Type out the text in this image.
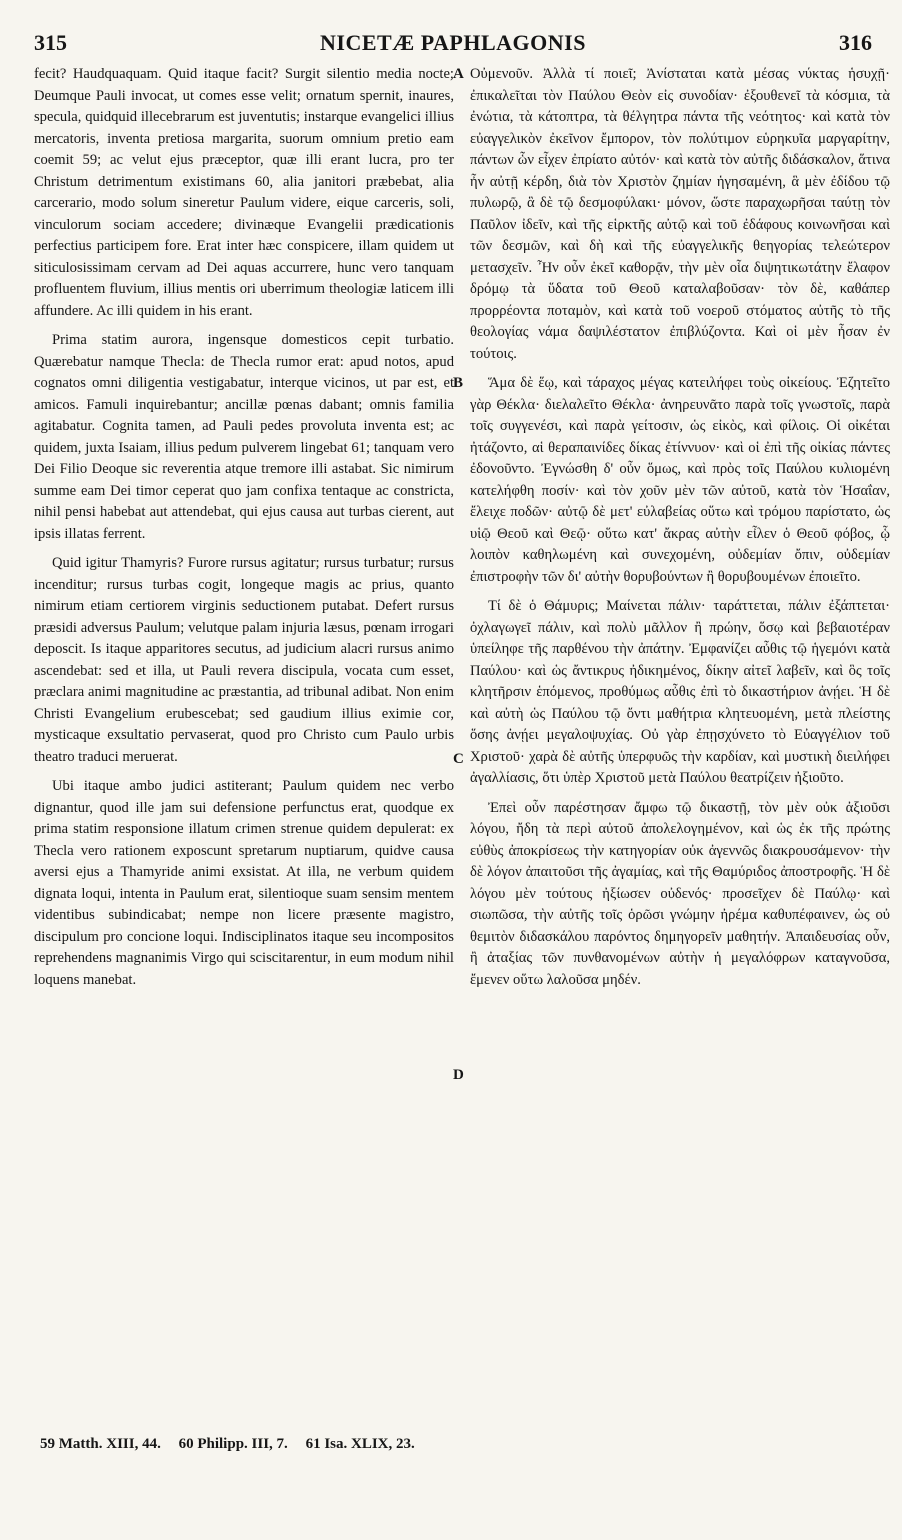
315	NICETÆ PAPHLAGONIS	316

fecit? Haudquaquam. Quid itaque facit? Surgit silentio media nocte; Deumque Pauli invocat, ut comes esse velit; ornatum spernit, inaures, specula, quidquid illecebrarum est juventutis; instarque evangelici illius mercatoris, inventa pretiosa margarita, suorum omnium pretio eam coemit 59; ac velut ejus præceptor, quæ illi erant lucra, pro ter Christum detrimentum existimans 60, alia janitori præbebat, alia carcerario, modo solum sineretur Paulum videre, eique carceris, soli, vinculorum sociam accedere; divinæque Evangelii prædicationis perfectius participem fore. Erat inter hæc conspicere, illam quidem ut siticulosissimam cervam ad Dei aquas accurrere, hunc vero tanquam profluentem fluvium, illius mentis ori uberrimum theologiæ laticem illi affundere. Ac illi quidem in his erant.

Prima statim aurora, ingensque domesticos cepit turbatio. Quærebatur namque Thecla: de Thecla rumor erat: apud notos, apud cognatos omni diligentia vestigabatur, interque vicinos, ut par est, et amicos. Famuli inquirebantur; ancillæ pœnas dabant; omnis familia agitabatur. Cognita tamen, ad Pauli pedes provoluta inventa est; ac quidem, juxta Isaiam, illius pedum pulverem lingebat 61; tanquam vero Dei Filio Deoque sic reverentia atque tremore illi astabat. Sic nimirum summe eam Dei timor ceperat quo jam confixa tentaque ac constricta, nihil pensi habebat aut attendebat, qui ejus causa aut turbas cierent, aut ipsis illatas ferrent.

Quid igitur Thamyris? Furore rursus agitatur; rursus turbatur; rursus incenditur; rursus turbas cogit, longeque magis ac prius, quanto nimirum etiam certiorem virginis seductionem putabat. Defert rursus præsidi adversus Paulum; velutque palam injuria læsus, pœnam irrogari deposcit. Is itaque apparitores secutus, ad judicium alacri rursus animo ascendebat: sed et illa, ut Pauli revera discipula, vocata cum esset, præclara animi magnitudine ac præstantia, ad tribunal adibat. Non enim Christi Evangelium erubescebat; sed gaudium illius eximie cor, mysticaque exsultatio pervaserat, quod pro Christo cum Paulo urbis theatro traduci meruerat.

Ubi itaque ambo judici astiterant; Paulum quidem nec verbo dignantur, quod ille jam sui defensione perfunctus erat, quodque ex prima statim responsione illatum crimen strenue quidem depulerat: ex Thecla vero rationem exposcunt spretarum nuptiarum, quidve causa aversi ejus a Thamyride animi exsistat. At illa, ne verbum quidem dignata loqui, intenta in Paulum erat, silentioque suam sensim mentem videntibus subindicabat; nempe non licere præsente magistro, discipulum pro concione loqui. Indisciplinatos itaque seu incompositos reprehendens magnanimis Virgo qui sciscitarentur, in eum modum nihil loquens manebat.

A
B
C
D

Οὐμενοῦν. Ἀλλὰ τί ποιεῖ; Ἀνίσταται κατὰ μέσας νύκτας ἡσυχῇ· ἐπικαλεῖται τὸν Παύλου Θεὸν εἰς συνοδίαν· ἐξουθενεῖ τὰ κόσμια, τὰ ἐνώτια, τὰ κάτοπτρα, τὰ θέλγητρα πάντα τῆς νεότητος· καὶ κατὰ τὸν εὐαγγελικὸν ἐκεῖνον ἔμπορον, τὸν πολύτιμον εὑρηκυῖα μαργαρίτην, πάντων ὧν εἶχεν ἐπρίατο αὐτόν· καὶ κατὰ τὸν αὐτῆς διδάσκαλον, ἅτινα ἦν αὐτῇ κέρδη, διὰ τὸν Χριστὸν ζημίαν ἡγησαμένη, ἃ μὲν ἐδίδου τῷ πυλωρῷ, ἃ δὲ τῷ δεσμοφύλακι· μόνον, ὥστε παραχωρῆσαι ταύτῃ τὸν Παῦλον ἰδεῖν, καὶ τῆς εἱρκτῆς αὐτῷ καὶ τοῦ ἐδάφους κοινωνῆσαι καὶ τῶν δεσμῶν, καὶ δὴ καὶ τῆς εὐαγγελικῆς θεηγορίας τελεώτερον μετασχεῖν. Ἦν οὖν ἐκεῖ καθορᾷν, τὴν μὲν οἷα διψητικωτάτην ἔλαφον δρόμῳ τὰ ὕδατα τοῦ Θεοῦ καταλαβοῦσαν· τὸν δὲ, καθάπερ προρρέοντα ποταμὸν, καὶ κατὰ τοῦ νοεροῦ στόματος αὐτῆς τὸ τῆς θεολογίας νάμα δαψιλέστατον ἐπιβλύζοντα. Καὶ οἱ μὲν ἦσαν ἐν τούτοις.

Ἅμα δὲ ἕῳ, καὶ τάραχος μέγας κατειλήφει τοὺς οἰκείους. Ἐζητεῖτο γὰρ Θέκλα· διελαλεῖτο Θέκλα· ἀνηρευνᾶτο παρὰ τοῖς γνωστοῖς, παρὰ τοῖς συγγενέσι, καὶ παρὰ γείτοσιν, ὡς εἰκὸς, καὶ φίλοις. Οἱ οἰκέται ἠτάζοντο, αἱ θεραπαινίδες δίκας ἐτίννυον· καὶ οἱ ἐπὶ τῆς οἰκίας πάντες ἐδονοῦντο. Ἐγνώσθη δ' οὖν ὅμως, καὶ πρὸς τοῖς Παύλου κυλιομένη κατελήφθη ποσίν· καὶ τὸν χοῦν μὲν τῶν αὐτοῦ, κατὰ τὸν Ἡσαΐαν, ἔλειχε ποδῶν· αὐτῷ δὲ μετ' εὐλαβείας οὕτω καὶ τρόμου παρίστατο, ὡς υἱῷ Θεοῦ καὶ Θεῷ· οὕτω κατ' ἄκρας αὐτὴν εἶλεν ὁ Θεοῦ φόβος, ᾧ λοιπὸν καθηλωμένη καὶ συνεχομένη, οὐδεμίαν ὄπιν, οὐδεμίαν ἐπιστροφὴν τῶν δι' αὐτὴν θορυβούντων ἢ θορυβουμένων ἐποιεῖτο.

Τί δὲ ὁ Θάμυρις; Μαίνεται πάλιν· ταράττεται, πάλιν ἐξάπτεται· ὀχλαγωγεῖ πάλιν, καὶ πολὺ μᾶλλον ἢ πρώην, ὅσῳ καὶ βεβαιοτέραν ὑπείληφε τῆς παρθένου τὴν ἀπάτην. Ἐμφανίζει αὖθις τῷ ἡγεμόνι κατὰ Παύλου· καὶ ὡς ἄντικρυς ἠδικημένος, δίκην αἰτεῖ λαβεῖν, καὶ ὃς τοῖς κλητῆρσιν ἑπόμενος, προθύμως αὖθις ἐπὶ τὸ δικαστήριον ἀνῄει. Ἡ δὲ καὶ αὐτὴ ὡς Παύλου τῷ ὄντι μαθήτρια κλητευομένη, μετὰ πλείστης ὅσης ἀνῄει μεγαλοψυχίας. Οὐ γὰρ ἐπῃσχύνετο τὸ Εὐαγγέλιον τοῦ Χριστοῦ· χαρὰ δὲ αὐτῆς ὑπερφυῶς τὴν καρδίαν, καὶ μυστικὴ διειλήφει ἀγαλλίασις, ὅτι ὑπὲρ Χριστοῦ μετὰ Παύλου θεατρίζειν ἠξιοῦτο.

Ἐπεὶ οὖν παρέστησαν ἄμφω τῷ δικαστῇ, τὸν μὲν οὐκ ἀξιοῦσι λόγου, ἤδη τὰ περὶ αὐτοῦ ἀπολελογημένον, καὶ ὡς ἐκ τῆς πρώτης εὐθὺς ἀποκρίσεως τὴν κατηγορίαν οὐκ ἀγεννῶς διακρουσάμενον· τὴν δὲ λόγον ἀπαιτοῦσι τῆς ἀγαμίας, καὶ τῆς Θαμύριδος ἀποστροφῆς. Ἡ δὲ λόγου μὲν τούτους ἠξίωσεν οὐδενός· προσεῖχεν δὲ Παύλῳ· καὶ σιωπῶσα, τὴν αὐτῆς τοῖς ὁρῶσι γνώμην ἠρέμα καθυπέφαινεν, ὡς οὐ θεμιτὸν διδασκάλου παρόντος δημηγορεῖν μαθητήν. Ἀπαιδευσίας οὖν, ἢ ἀταξίας τῶν πυνθανομένων αὐτὴν ἡ μεγαλόφρων καταγνοῦσα, ἔμενεν οὕτω λαλοῦσα μηδέν.

59 Matth. XIII, 44. 60 Philipp. III, 7. 61 Isa. XLIX, 23.
